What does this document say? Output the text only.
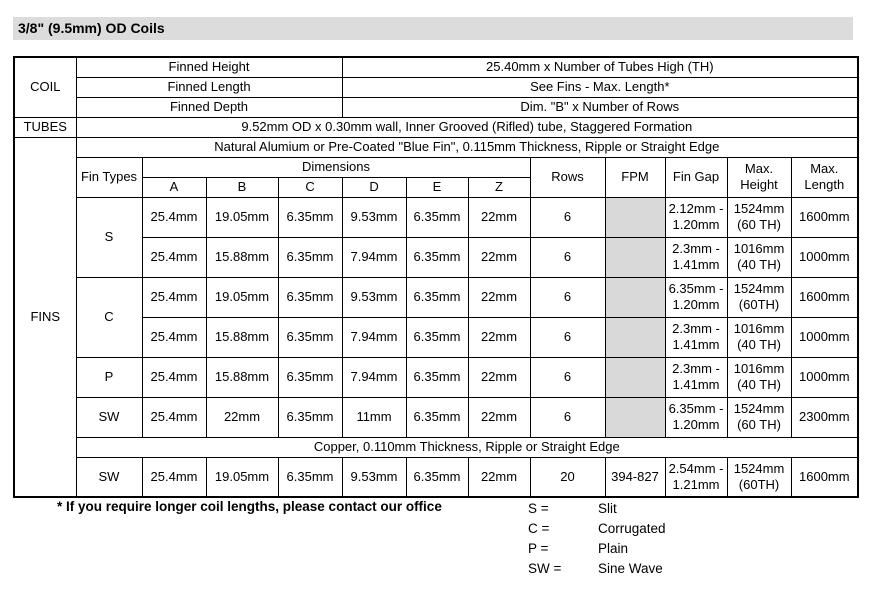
3/8" (9.5mm) OD Coils
COIL	Finned Height				25.40mm x Number of Tubes High (TH)							
	Finned Length				See Fins - Max. Length*							
	Finned Depth				Dim. "B" x Number of Rows							
TUBES	9.52mm OD x 0.30mm wall, Inner Grooved (Rifled) tube, Staggered Formation											
FINS	Natural Alumium or Pre-Coated "Blue Fin", 0.115mm Thickness, Ripple or Straight Edge											
	Fin Types	Dimensions						Rows	FPM	Fin Gap	Max. Height	Max. Length
		A	B	C	D	E	Z					
	S	25.4mm	19.05mm	6.35mm	9.53mm	6.35mm	22mm	6		2.12mm - 1.20mm	1524mm (60 TH)	1600mm
		25.4mm	15.88mm	6.35mm	7.94mm	6.35mm	22mm	6		2.3mm - 1.41mm	1016mm (40 TH)	1000mm
	C	25.4mm	19.05mm	6.35mm	9.53mm	6.35mm	22mm	6		6.35mm - 1.20mm	1524mm (60TH)	1600mm
		25.4mm	15.88mm	6.35mm	7.94mm	6.35mm	22mm	6		2.3mm - 1.41mm	1016mm (40 TH)	1000mm
	P	25.4mm	15.88mm	6.35mm	7.94mm	6.35mm	22mm	6		2.3mm - 1.41mm	1016mm (40 TH)	1000mm
	SW	25.4mm	22mm	6.35mm	11mm	6.35mm	22mm	6		6.35mm - 1.20mm	1524mm (60 TH)	2300mm
	Copper, 0.110mm Thickness, Ripple or Straight Edge											
	SW	25.4mm	19.05mm	6.35mm	9.53mm	6.35mm	22mm	20	394-827	2.54mm - 1.21mm	1524mm (60TH)	1600mm
* If you require longer coil lengths, please contact our office	S =	Slit
C =	Corrugated
P =	Plain
SW =	Sine Wave
